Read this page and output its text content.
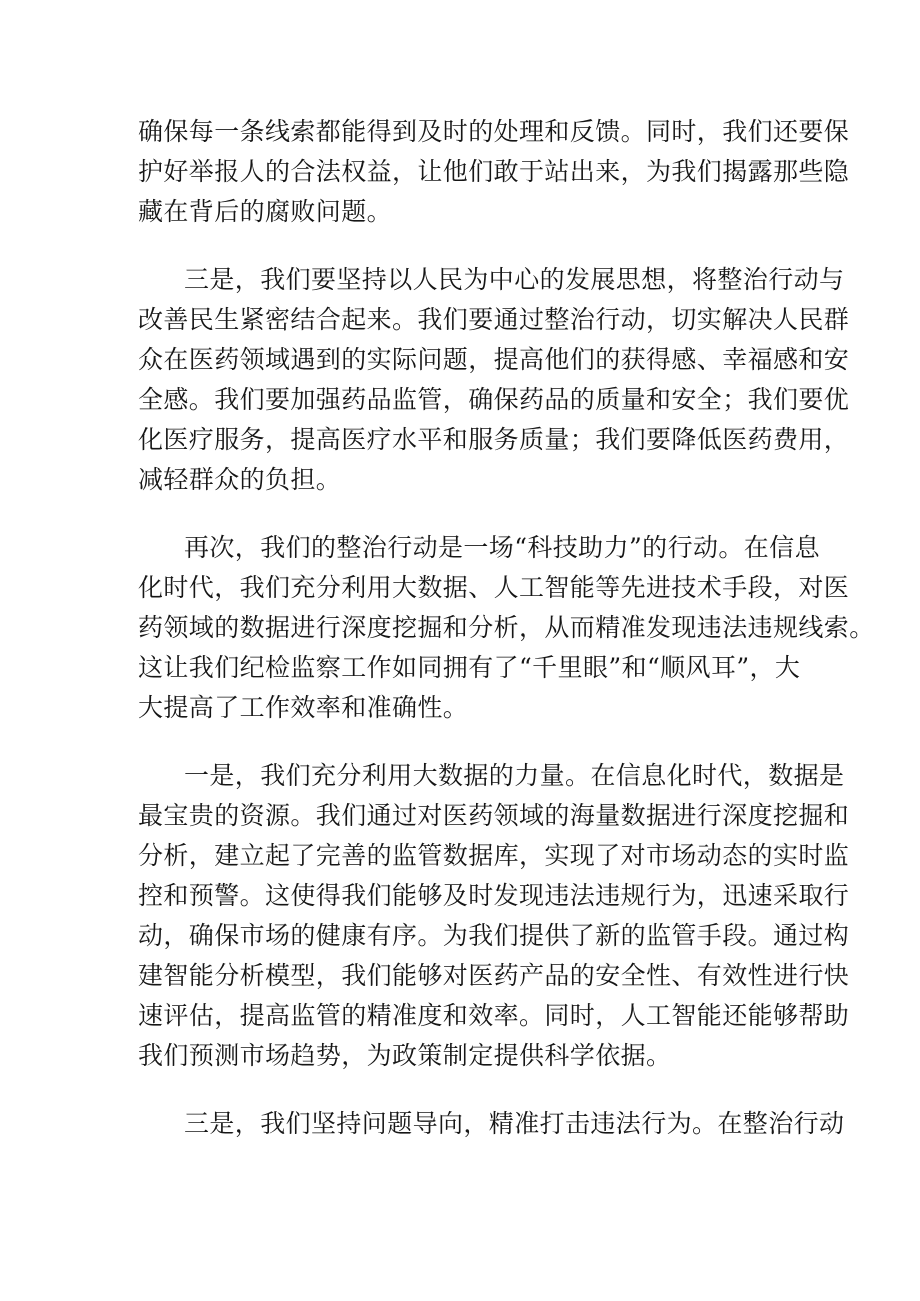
确保每一条线索都能得到及时的处理和反馈。同时，我们还要保
护好举报人的合法权益，让他们敢于站出来，为我们揭露那些隐
藏在背后的腐败问题。
三是，我们要坚持以人民为中心的发展思想，将整治行动与
改善民生紧密结合起来。我们要通过整治行动，切实解决人民群
众在医药领域遇到的实际问题，提高他们的获得感、幸福感和安
全感。我们要加强药品监管，确保药品的质量和安全；我们要优
化医疗服务，提高医疗水平和服务质量；我们要降低医药费用，
减轻群众的负担。
再次，我们的整治行动是一场“科技助力”的行动。在信息
化时代，我们充分利用大数据、人工智能等先进技术手段，对医
药领域的数据进行深度挖掘和分析，从而精准发现违法违规线索。
这让我们纪检监察工作如同拥有了“千里眼”和“顺风耳”，大
大提高了工作效率和准确性。
一是，我们充分利用大数据的力量。在信息化时代，数据是
最宝贵的资源。我们通过对医药领域的海量数据进行深度挖掘和
分析，建立起了完善的监管数据库，实现了对市场动态的实时监
控和预警。这使得我们能够及时发现违法违规行为，迅速采取行
动，确保市场的健康有序。为我们提供了新的监管手段。通过构
建智能分析模型，我们能够对医药产品的安全性、有效性进行快
速评估，提高监管的精准度和效率。同时，人工智能还能够帮助
我们预测市场趋势，为政策制定提供科学依据。
三是，我们坚持问题导向，精准打击违法行为。在整治行动
